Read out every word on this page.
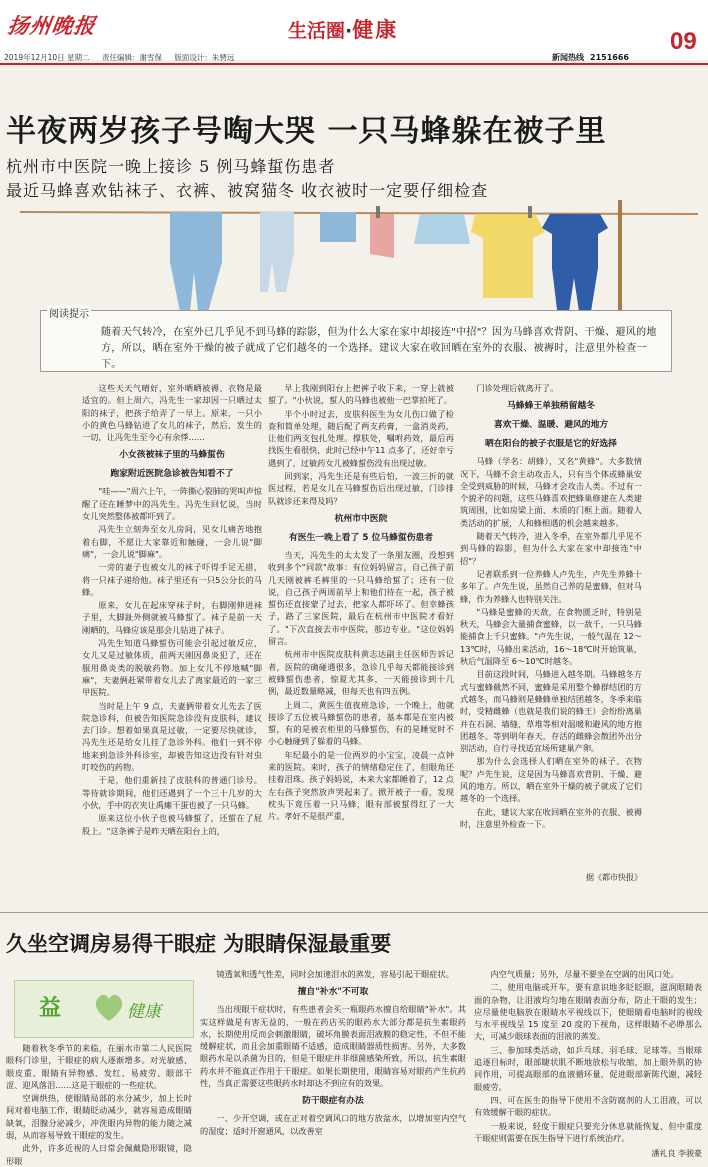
扬州晚报	生活圈·健康	09
2019年12月10日 星期二 责任编辑：谢雪保 版面设计：朱骋远	新闻热线 2151666
半夜两岁孩子号啕大哭 一只马蜂躲在被子里
杭州市中医院一晚上接诊 5 例马蜂蜇伤患者
最近马蜂喜欢钻袜子、衣裤、被窝猫冬 收衣被时一定要仔细检查
阅读提示
随着天气转冷，在室外已几乎见不到马蜂的踪影，但为什么大家在家中却接连"中招"？因为马蜂喜欢背阴、干燥、避风的地方，所以，晒在室外干燥的被子就成了它们越冬的一个选择。建议大家在收回晒在室外的衣服、被褥时，注意里外检查一下。

这些天天气晴好，室外晒晒被褥、衣物是最适宜的。但上周六，冯先生一家却因一只晒过太阳的袜子，把孩子给弄了一早上。原来，一只小小的黄色马蜂钻进了女儿的袜子，然后，发生的一切，让冯先生至今心有余悸……

小女孩被袜子里的马蜂蜇伤
跑家附近医院急诊被告知看不了

"哇——"周六上午，一阵撕心裂肺的哭叫声惊醒了还在睡梦中的冯先生。冯先生回忆说，当时女儿突然整体被都吓到了。

冯先生立刻奔至女儿房间，见女儿痛苦地抱着右脚，不愿让大家靠近和触碰，一会儿说"脚痛"，一会儿说"脚麻"。

一旁的妻子也被女儿的袜子吓得手足无措，将一只袜子递给他。袜子里还有一只5公分长的马蜂。

原来，女儿在起床穿袜子时，右脚刚伸进袜子里，大脚趾外侧就被马蜂蜇了。袜子是前一天刚晒的，马蜂应该是那会儿钻进了袜子。

冯先生知道马蜂蜇伤可能会引起过敏反应，女儿又是过敏体质，前两天刚因鼻炎犯了，还在服用鼻炎类的脱敏药物。加上女儿不停地喊"脚麻"，夫妻俩赶紧带着女儿去了离家最近的一家三甲医院。

当时是上午 9 点，夫妻俩带着女儿先去了医院急诊科，但被告知医院急诊没有皮肤科，建议去门诊。想着如果真是过敏，一定要尽快就诊，冯先生还是给女儿挂了急诊外科。他们一到不停地来到急诊外科诊室，却被告知这边没有针对虫叮咬伤的药物。

于是，他们重新挂了皮肤科的普通门诊号。等待就诊期间，他们还遇到了一个三十几岁的大小伙，手中的衣夹让禹瘫干蛋也被了一只马蜂。

原来这位小伙子也被马蜂蜇了，还蜇在了屁股上。"这条裤子是昨天晒在阳台上的，

早上我刚到阳台上把裤子收下来，一穿上就被蜇了。"小伙说，蜇人的马蜂也被他一巴掌拍死了。

半个小时过去，皮肤科医生为女儿伤口做了检查和简单处理，随后配了两支药膏，一盒消炎药，让他们两支包扎处理。撑肤处，嘱咐药效，最后再找医生看很快，此时已经中午11 点多了，还好幸亏遇到了，过敏药女儿被蜂蜇伤没有出现过敏。

回到家，冯先生还是有些后怕，一波三折的就医过程，若是女儿在马蜂蜇伤后出现过敏，门诊排队就诊还来得及吗？

杭州市中医院
有医生一晚上看了 5 位马蜂蜇伤患者

当天，冯先生的太太发了一条朋友圈，没想到收到多个"同款"故事：有位妈妈留言，自己孩子前几天刚被裤毛裤里的一只马蜂给蜇了；还有一位说，自己孩子两周前早上和他们待在一起，孩子被蜇伤还直接蒙了过去，把家人都吓坏了。但幸蜂孩子，路了三家医院，最后在杭州市中医院才看好了。"下次直接去市中医院，那边专业。"这位妈妈留言。

杭州市中医院皮肤科黄志达副主任医师告诉记者，医院的确碰遇很多，急诊几乎每天都能接诊到被蜂蜇伤患者，惊夏尤其多，一天能接诊到十几例，最近数量略减，但每天也有四五例。

上周二，黄医生值夜班急诊，一个晚上，他就接诊了五位被马蜂蜇伤的患者，基本都是在室内被蜇，有的是被衣柜里的马蜂蜇伤，有的是睡觉时不小心触碰到了躲着的马蜂。

年纪最小的是一位两岁的小宝宝，凌晨一点钟来的医院。来时，孩子的情绪稳定住了，但眼角还挂着泪珠。孩子妈妈说，本来大家都睡着了，12 点左右孩子突然放声哭起来了。掀开被子一看，发现枕头下竟压着一只马蜂，眼有部被蜇得红了一大片。孝好不是很严重，

门诊处理后就离开了。

马蜂蜂王单独稍留越冬
喜欢干燥、温暖、避风的地方
晒在阳台的被子衣服是它的好选择

马蜂（学名：胡蜂），又名"黄蜂"。大多数情况下，马蜂不会主动攻击人，只有当个体或蜂巢安全受到威胁的时候，马蜂才会攻击人类。不过有一个貌矛的问题，这些马蜂喜欢把蜂巢修建在人类建筑周围，比如房梁上面、木质的门框上面。随着人类活动的扩展，人和蜂相遇的机会越来越多。

随着天气转冷，进入冬季，在室外都几乎见不到马蜂的踪影，但为什么大家在家中却接连"中招"？

记者联系到一位养蜂人卢先生，卢先生养蜂十多年了。卢先生说，虽然自己养的是蜜蜂，但对马蜂，作为养蜂人也特别关注。

"马蜂是蜜蜂的天敌，在食物匮乏时，特别是秋天，马蜂会大量捕食蜜蜂，以一敌千，一只马蜂能捕食上千只蜜蜂。"卢先生说，一般气温在 12～13℃时，马蜂出来活动，16～18℃时开始筑巢，秋后气温降至 6～10℃时越冬。

目前这段时间，马蜂进入越冬期。马蜂越冬方式与蜜蜂截然不同，蜜蜂是采用整个蜂群结团的方式越冬，而马蜂则是蜂蜂单独结团越冬，冬季来临时，受精雌蜂（也就是我们说的蜂王）会纷纷离巢并在石洞、墙缝、草堆等相对温暖和避风的地方抱团越冬。等到明年春天，存活的雌蜂会散团外出分别活动，自行寻找适宜场所建巢产卵。

那为什么会选择人们晒在室外的袜子、衣物呢？卢先生说，这是因为马蜂喜欢背阴、干燥、避风的地方。所以，晒在室外干燥的被子就成了它们越冬的一个选择。

在此，建议大家在收回晒在室外的衣服、被褥时，注意里外检查一下。

据《都市快报》
久坐空调房易得干眼症 为眼睛保湿最重要
益	健康

随着秋冬季节的来临，在丽水市第二人民医院眼科门诊里，干眼症的病人逐渐增多。对光敏感、眼皮重、眼睛有异物感、发红、易疲劳、眼部干涩、迎风落泪……这是干眼症的一些症状。

空调烘热，使眼睛局部的水分减少，加上长时间对着电脑工作，眼睛眨动减少，就容易造成眼睛缺氧，泪腺分泌减少，冲洗眼内异物的能力随之减弱，从而容易导致干眼症的发生。

此外，许多近视的人日常会佩戴隐形眼镜，隐形眼

镜透氧和透气性差，同时会加速泪水的蒸发，容易引起干眼症状。

擅自"补水"不可取

当出现眼干症状时，有些患者会买一瓶眼药水擅自给眼睛"补水"。其实这样做是有害无益的，一般在药店买的眼药水大部分都是抗生素眼药水，长期使用反而会刺激眼睛，破坏角膜表面泪液膜的稳定性，不但不能缓解症状，而且会加重眼睛不适感，造成眼睛器质性损害。另外，大多数眼药水是以杀菌为目的，但是干眼症并非细菌感染所致，所以，抗生素眼药水并不能真正作用于干眼症。如果长期使用，眼睛容易对眼药产生抗药性，当真正需要这些眼药水时却达不到应有的效果。

防干眼症有办法

一、少开空调，或在正对着空调风口的地方放盆水，以增加室内空气的湿度；适时开窗通风，以改善室

内空气质量；另外，尽量不要坐在空调的出风口处。

二、使用电脑或开车，要有意识地多眨眨眼，滋润眼睛表面的杂物，让泪液均匀地在眼睛表面分布，防止干眼的发生；应尽量使电脑放在眼睛水平视线以下，使眼睛看电脑时的视线与水平视线呈 15 度至 20 度的下视角，这样眼睛不必睁那么大，可减少眼球表面的泪液的蒸发。

三、参加球类活动，如乒乓球、羽毛球、足球等。当眼球追逐目标时，眼部睫状肌不断地放松与收缩，加上眼外肌的协同作用，可提高眼部的血液循环量，促进眼部新陈代谢，减轻眼疲劳。

四、可在医生的指导下使用不含防腐剂的人工泪液，可以有效缓解干眼的症状。

一般来说，轻度干眼症只要充分休息就能恢复，但中重度干眼症则需要在医生指导下进行系统治疗。

潘礼良 李骏豪
